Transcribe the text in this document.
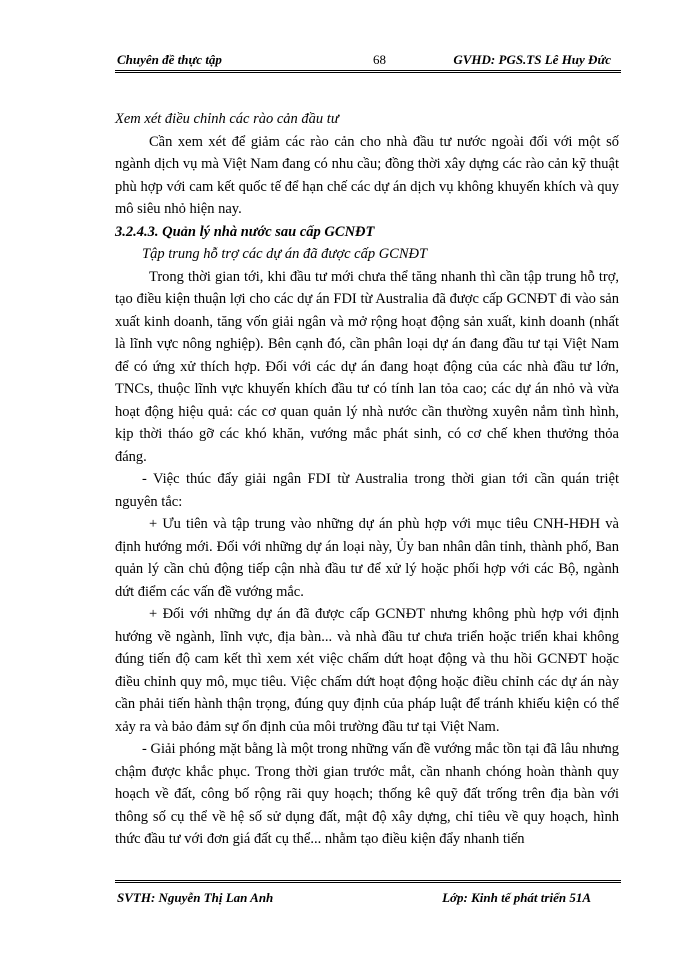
Chuyên đề thực tập	68	GVHD: PGS.TS Lê Huy Đức

Xem xét điều chỉnh các rào cản đầu tư

Cần xem xét để giảm các rào cản cho nhà đầu tư nước ngoài đối với một số ngành dịch vụ mà Việt Nam đang có nhu cầu; đồng thời xây dựng các rào cản kỹ thuật phù hợp với cam kết quốc tế để hạn chế các dự án dịch vụ không khuyến khích và quy mô siêu nhỏ hiện nay.

3.2.4.3. Quản lý nhà nước sau cấp GCNĐT

Tập trung hỗ trợ các dự án đã được cấp GCNĐT

Trong thời gian tới, khi đầu tư mới chưa thể tăng nhanh thì cần tập trung hỗ trợ, tạo điều kiện thuận lợi cho các dự án FDI từ Australia đã được cấp GCNĐT đi vào sản xuất kinh doanh, tăng vốn giải ngân và mở rộng hoạt động sản xuất, kinh doanh (nhất là lĩnh vực nông nghiệp). Bên cạnh đó, cần phân loại dự án đang đầu tư tại Việt Nam để có ứng xử thích hợp. Đối với các dự án đang hoạt động của các nhà đầu tư lớn, TNCs, thuộc lĩnh vực khuyến khích đầu tư có tính lan tỏa cao; các dự án nhỏ và vừa hoạt động hiệu quả: các cơ quan quản lý nhà nước cần thường xuyên nắm tình hình, kịp thời tháo gỡ các khó khăn, vướng mắc phát sinh, có cơ chế khen thưởng thỏa đáng.

- Việc thúc đẩy giải ngân FDI từ Australia trong thời gian tới cần quán triệt nguyên tắc:

+ Ưu tiên và tập trung vào những dự án phù hợp với mục tiêu CNH-HĐH và định hướng mới. Đối với những dự án loại này, Ủy ban nhân dân tỉnh, thành phố, Ban quản lý cần chủ động tiếp cận nhà đầu tư để xử lý hoặc phối hợp với các Bộ, ngành dứt điểm các vấn đề vướng mắc.

+ Đối với những dự án đã được cấp GCNĐT nhưng không phù hợp với định hướng về ngành, lĩnh vực, địa bàn... và nhà đầu tư chưa triển hoặc triển khai không đúng tiến độ cam kết thì xem xét việc chấm dứt hoạt động và thu hồi GCNĐT hoặc điều chỉnh quy mô, mục tiêu. Việc chấm dứt hoạt động hoặc điều chỉnh các dự án này cần phải tiến hành thận trọng, đúng quy định của pháp luật để tránh khiếu kiện có thể xảy ra và bảo đảm sự ổn định của môi trường đầu tư tại Việt Nam.

- Giải phóng mặt bằng là một trong những vấn đề vướng mắc tồn tại đã lâu nhưng chậm được khắc phục. Trong thời gian trước mắt, cần nhanh chóng hoàn thành quy hoạch về đất, công bố rộng rãi quy hoạch; thống kê quỹ đất trống trên địa bàn với thông số cụ thể về hệ số sử dụng đất, mật độ xây dựng, chỉ tiêu về quy hoạch, hình thức đầu tư với đơn giá đất cụ thể... nhằm tạo điều kiện đẩy nhanh tiến

SVTH: Nguyễn Thị Lan Anh	Lớp: Kinh tế phát triển 51A
